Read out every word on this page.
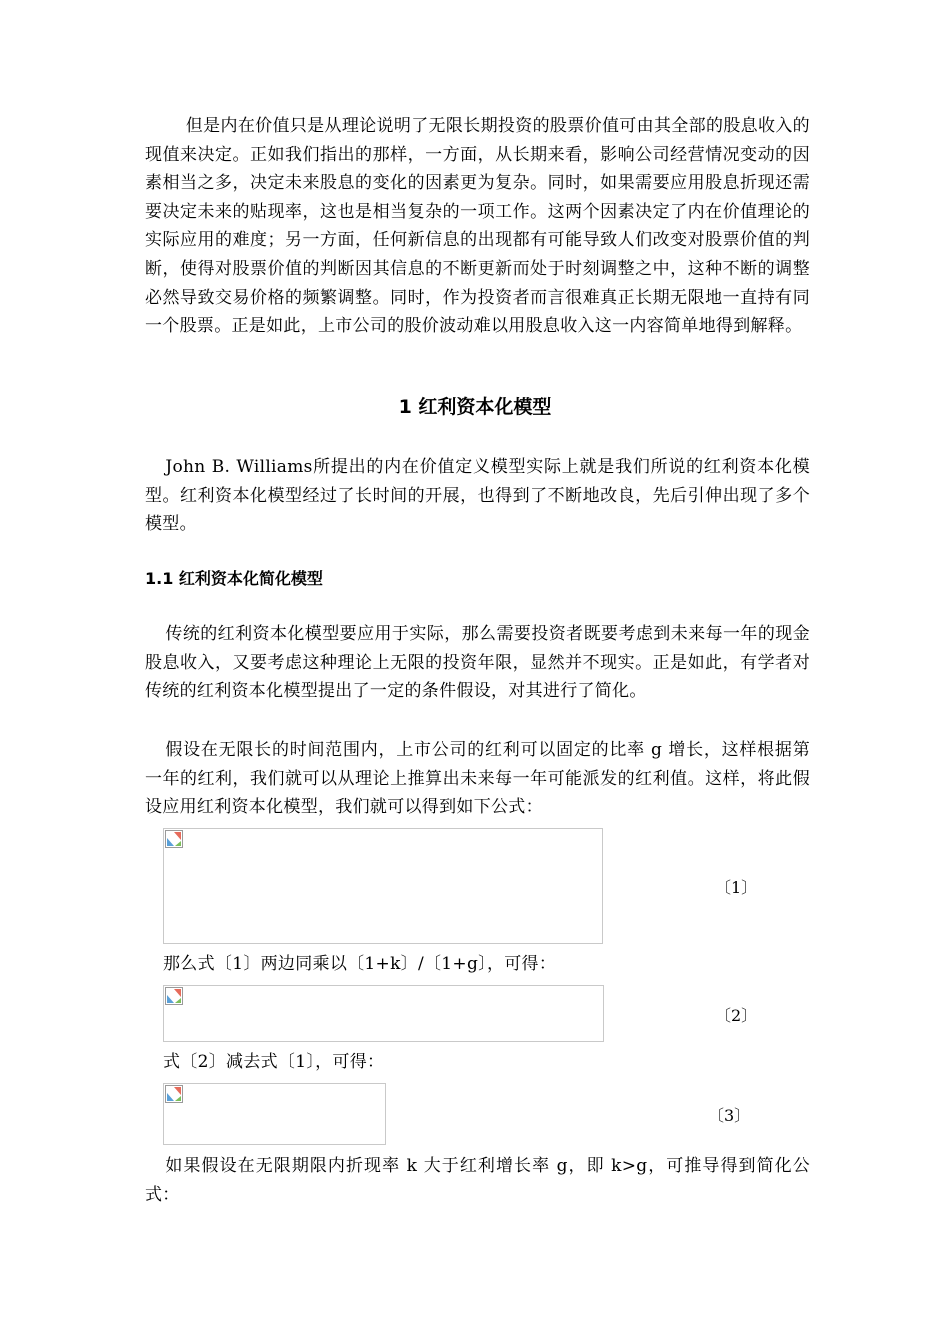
但是内在价值只是从理论说明了无限长期投资的股票价值可由其全部的股息收入的现值来决定。正如我们指出的那样，一方面，从长期来看，影响公司经营情况变动的因素相当之多，决定未来股息的变化的因素更为复杂。同时，如果需要应用股息折现还需要决定未来的贴现率，这也是相当复杂的一项工作。这两个因素决定了内在价值理论的实际应用的难度；另一方面，任何新信息的出现都有可能导致人们改变对股票价值的判断，使得对股票价值的判断因其信息的不断更新而处于时刻调整之中，这种不断的调整必然导致交易价格的频繁调整。同时，作为投资者而言很难真正长期无限地一直持有同一个股票。正是如此，上市公司的股价波动难以用股息收入这一内容简单地得到解释。

1 红利资本化模型

John B. Williams所提出的内在价值定义模型实际上就是我们所说的红利资本化模型。红利资本化模型经过了长时间的开展，也得到了不断地改良，先后引伸出现了多个模型。

1.1 红利资本化简化模型

传统的红利资本化模型要应用于实际，那么需要投资者既要考虑到未来每一年的现金股息收入，又要考虑这种理论上无限的投资年限，显然并不现实。正是如此，有学者对传统的红利资本化模型提出了一定的条件假设，对其进行了简化。

假设在无限长的时间范围内，上市公司的红利可以固定的比率 g 增长，这样根据第一年的红利，我们就可以从理论上推算出未来每一年可能派发的红利值。这样，将此假设应用红利资本化模型，我们就可以得到如下公式：

〔1〕

那么式〔1〕两边同乘以〔1+k〕/〔1+g〕，可得：

〔2〕

式〔2〕减去式〔1〕，可得：

〔3〕

如果假设在无限期限内折现率 k 大于红利增长率 g，即 k>g，可推导得到简化公式：
